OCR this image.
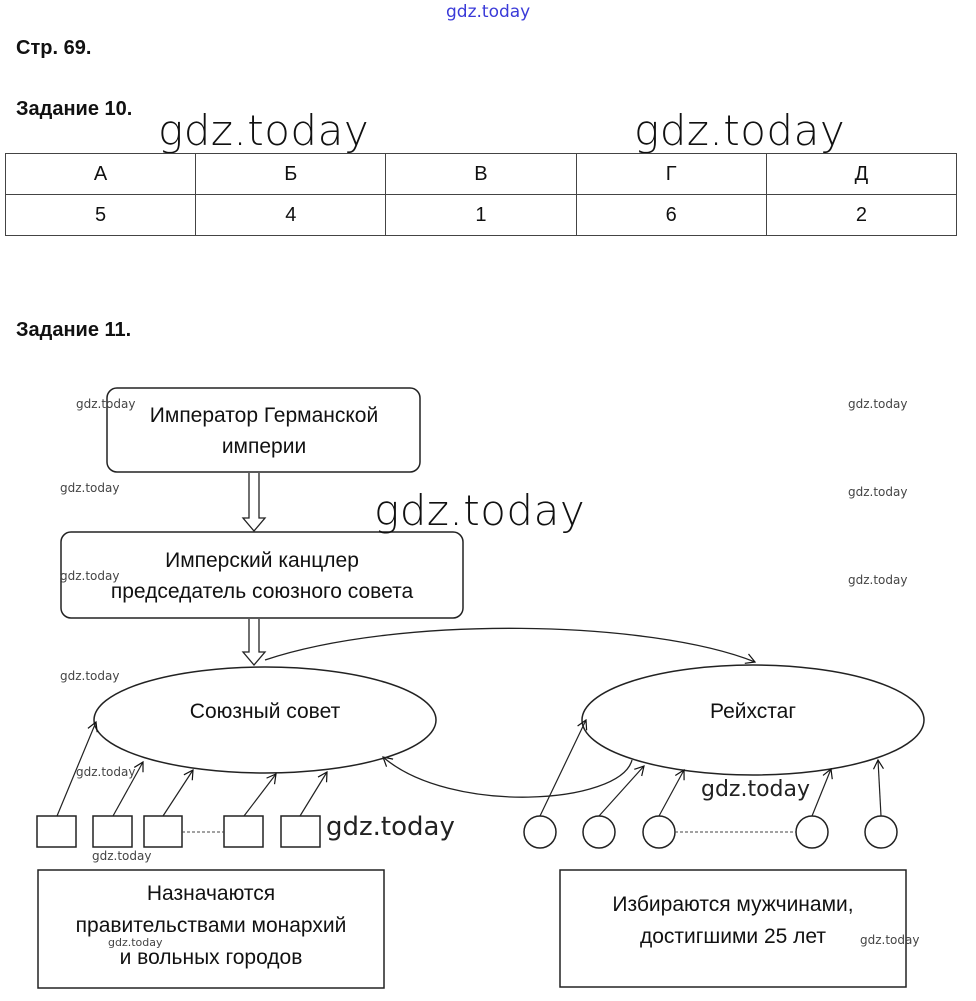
gdz.today
Стр. 69.
Задание 10. gdz.today	gdz.today
А	Б	В	Г	Д
5	4	1	6	2
Задание 11.
Император Германской
империи
Имперский канцлер
председатель союзного совета
Союзный совет	Рейхстаг
Назначаются
правительствами монархий
и вольных городов
Избираются мужчинами,
достигшими 25 лет
gdz.today	gdz.today
gdz.today	gdz.today
gdz.today
gdz.today	gdz.today
gdz.today
gdz.today
gdz.today
gdz.today
gdz.today
gdz.today	gdz.today
